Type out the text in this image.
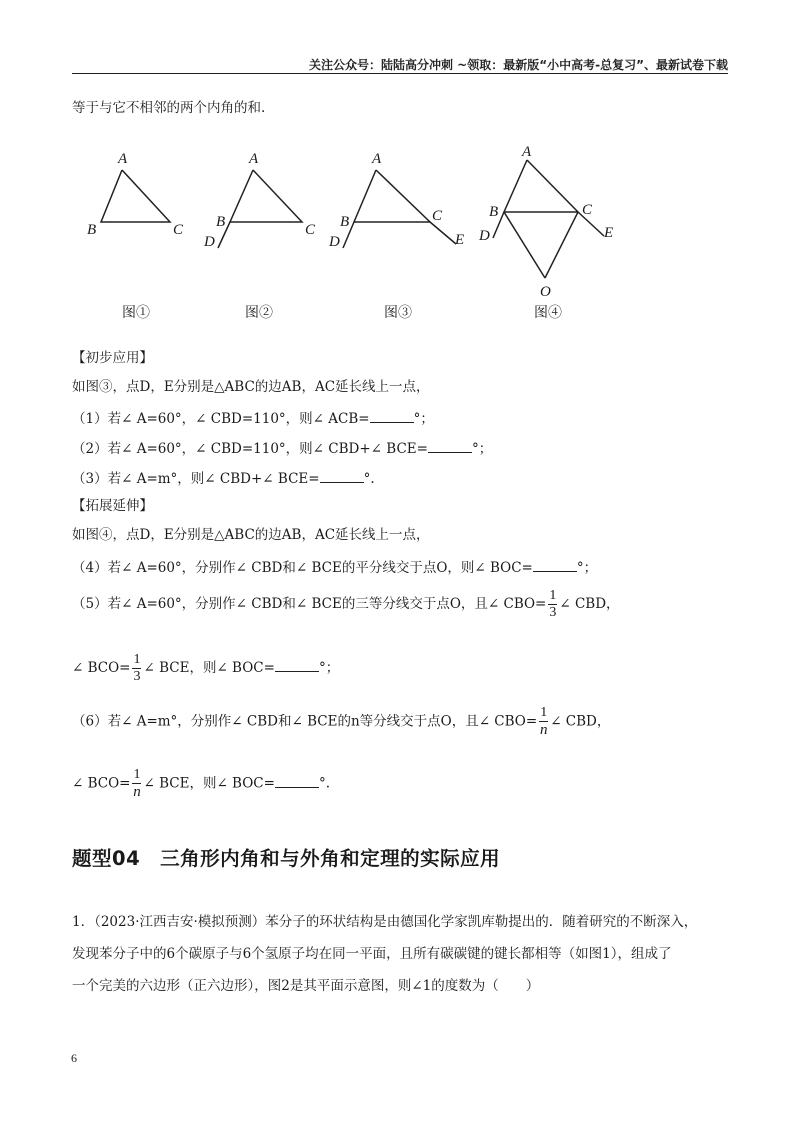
关注公众号：陆陆高分冲刺 ~领取：最新版“小中高考-总复习”、最新试卷下载
等于与它不相邻的两个内角的和.
A
B	C
A
B	C
D
A
B	C
D	E
A
B	C
D	E
O
图①	图②	图③	图④
【初步应用】
如图③，点D，E分别是△ABC的边AB，AC延长线上一点，
（1）若∠ A=60°，∠ CBD=110°，则∠ ACB=	°；
（2）若∠ A=60°，∠ CBD=110°，则∠ CBD+∠ BCE=	°；
（3）若∠ A=m°，则∠ CBD+∠ BCE=	°.
【拓展延伸】
如图④，点D，E分别是△ABC的边AB，AC延长线上一点，
（4）若∠ A=60°，分别作∠ CBD和∠ BCE的平分线交于点O，则∠ BOC=	°；
（5）若∠ A=60°，分别作∠ CBD和∠ BCE的三等分线交于点O，且∠ $CBO= \frac{1}{3}$ ∠ CBD，
∠ $BCO= \frac{1}{3}$ ∠ BCE，则∠ BOC=	°；
（6）若∠ A=m°，分别作∠ CBD和∠ BCE的n等分线交于点O，且∠ $CBO= \frac{1}{n}$ ∠ CBD，
∠ $BCO= \frac{1}{n}$ ∠ BCE，则∠ BOC=	°.
题型04　三角形内角和与外角和定理的实际应用
1．（2023·江西吉安·模拟预测）苯分子的环状结构是由德国化学家凯库勒提出的．随着研究的不断深入，
发现苯分子中的6个碳原子与6个氢原子均在同一平面，且所有碳碳键的键长都相等（如图1），组成了
一个完美的六边形（正六边形），图2是其平面示意图，则∠1的度数为（　　）
6
